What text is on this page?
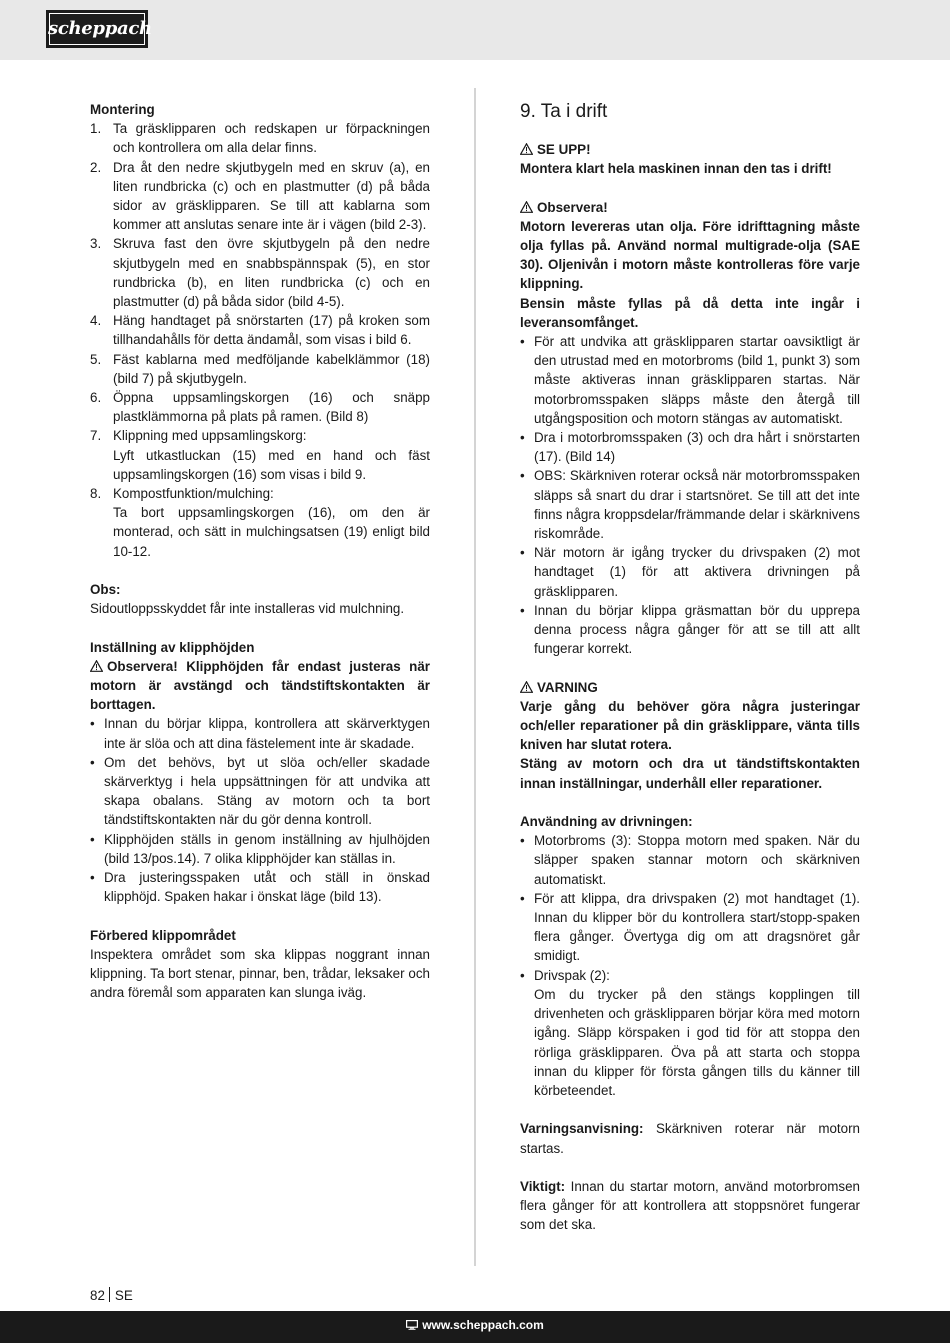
scheppach

Montering

1. Ta gräsklipparen och redskapen ur förpackningen och kontrollera om alla delar finns.
2. Dra åt den nedre skjutbygeln med en skruv (a), en liten rundbricka (c) och en plastmutter (d) på båda sidor av gräsklipparen. Se till att kablarna som kommer att anslutas senare inte är i vägen (bild 2-3).
3. Skruva fast den övre skjutbygeln på den nedre skjutbygeln med en snabbspännspak (5), en stor rundbricka (b), en liten rundbricka (c) och en plastmutter (d) på båda sidor (bild 4-5).
4. Häng handtaget på snörstarten (17) på kroken som tillhandahålls för detta ändamål, som visas i bild 6.
5. Fäst kablarna med medföljande kabelklämmor (18) (bild 7) på skjutbygeln.
6. Öppna uppsamlingskorgen (16) och snäpp plastklämmorna på plats på ramen. (Bild 8)
7. Klippning med uppsamlingskorg:
Lyft utkastluckan (15) med en hand och fäst uppsamlingskorgen (16) som visas i bild 9.
8. Kompostfunktion/mulching:
Ta bort uppsamlingskorgen (16), om den är monterad, och sätt in mulchingsatsen (19) enligt bild 10-12.

Obs:

Sidoutloppsskyddet får inte installeras vid mulchning.

Inställning av klipphöjden

Observera! Klipphöjden får endast justeras när motorn är avstängd och tändstiftskontakten är borttagen.

• Innan du börjar klippa, kontrollera att skärverktygen inte är slöa och att dina fästelement inte är skadade.
• Om det behövs, byt ut slöa och/eller skadade skärverktyg i hela uppsättningen för att undvika att skapa obalans. Stäng av motorn och ta bort tändstiftskontakten när du gör denna kontroll.
• Klipphöjden ställs in genom inställning av hjulhöjden (bild 13/pos.14). 7 olika klipphöjder kan ställas in.
• Dra justeringsspaken utåt och ställ in önskad klipphöjd. Spaken hakar i önskat läge (bild 13).

Förbered klippområdet

Inspektera området som ska klippas noggrant innan klippning. Ta bort stenar, pinnar, ben, trådar, leksaker och andra föremål som apparaten kan slunga iväg.

9. Ta i drift

SE UPP!

Montera klart hela maskinen innan den tas i drift!

Observera!

Motorn levereras utan olja. Före idrifttagning måste olja fyllas på. Använd normal multigrade-olja (SAE 30). Oljenivån i motorn måste kontrolleras före varje klippning.

Bensin måste fyllas på då detta inte ingår i leveransomfånget.

• För att undvika att gräsklipparen startar oavsiktligt är den utrustad med en motorbroms (bild 1, punkt 3) som måste aktiveras innan gräsklipparen startas. När motorbromsspaken släpps måste den återgå till utgångsposition och motorn stängas av automatiskt.
• Dra i motorbromsspaken (3) och dra hårt i snörstarten (17). (Bild 14)
• OBS: Skärkniven roterar också när motorbromsspaken släpps så snart du drar i startsnöret. Se till att det inte finns några kroppsdelar/främmande delar i skärknivens riskområde.
• När motorn är igång trycker du drivspaken (2) mot handtaget (1) för att aktivera drivningen på gräsklipparen.
• Innan du börjar klippa gräsmattan bör du upprepa denna process några gånger för att se till att allt fungerar korrekt.

VARNING

Varje gång du behöver göra några justeringar och/eller reparationer på din gräsklippare, vänta tills kniven har slutat rotera.

Stäng av motorn och dra ut tändstiftskontakten innan inställningar, underhåll eller reparationer.

Användning av drivningen:

• Motorbroms (3): Stoppa motorn med spaken. När du släpper spaken stannar motorn och skärkniven automatiskt.
• För att klippa, dra drivspaken (2) mot handtaget (1). Innan du klipper bör du kontrollera start/stopp-spaken flera gånger. Övertyga dig om att dragsnöret går smidigt.
• Drivspak (2):
Om du trycker på den stängs kopplingen till drivenheten och gräsklipparen börjar köra med motorn igång. Släpp körspaken i god tid för att stoppa den rörliga gräsklipparen. Öva på att starta och stoppa innan du klipper för första gången tills du känner till körbeteendet.

Varningsanvisning: Skärkniven roterar när motorn startas.

Viktigt: Innan du startar motorn, använd motorbromsen flera gånger för att kontrollera att stoppsnöret fungerar som det ska.

82 SE
www.scheppach.com
